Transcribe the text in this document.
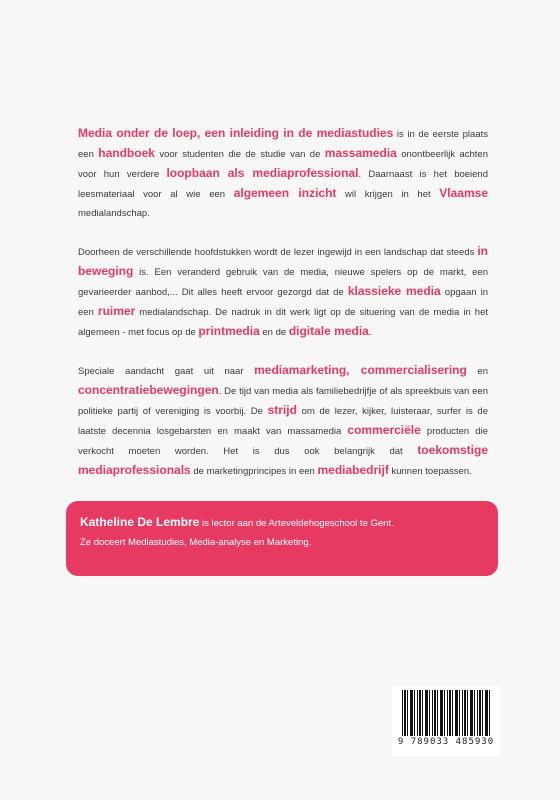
Media onder de loep, een inleiding in de mediastudies is in de eerste plaats een handboek voor studenten die de studie van de massamedia onontbeerlijk achten voor hun verdere loopbaan als mediaprofessional. Daarnaast is het boeiend leesmateriaal voor al wie een algemeen inzicht wil krijgen in het Vlaamse medialandschap.

Doorheen de verschillende hoofdstukken wordt de lezer ingewijd in een landschap dat steeds in beweging is. Een veranderd gebruik van de media, nieuwe spelers op de markt, een gevarieerder aanbod,... Dit alles heeft ervoor gezorgd dat de klassieke media opgaan in een ruimer medialandschap. De nadruk in dit werk ligt op de situering van de media in het algemeen - met focus op de printmedia en de digitale media.

Speciale aandacht gaat uit naar mediamarketing, commercialisering en concentratiebewegingen. De tijd van media als familiebedrijfje of als spreekbuis van een politieke partij of vereniging is voorbij. De strijd om de lezer, kijker, luisteraar, surfer is de laatste decennia losgebarsten en maakt van massamedia commerciële producten die verkocht moeten worden. Het is dus ook belangrijk dat toekomstige mediaprofessionals de marketingprincipes in een mediabedrijf kunnen toepassen.

Katheline De Lembre is lector aan de Arteveldehogeschool te Gent.
Ze doceert Mediastudies, Media-analyse en Marketing.
9 789033 485930
